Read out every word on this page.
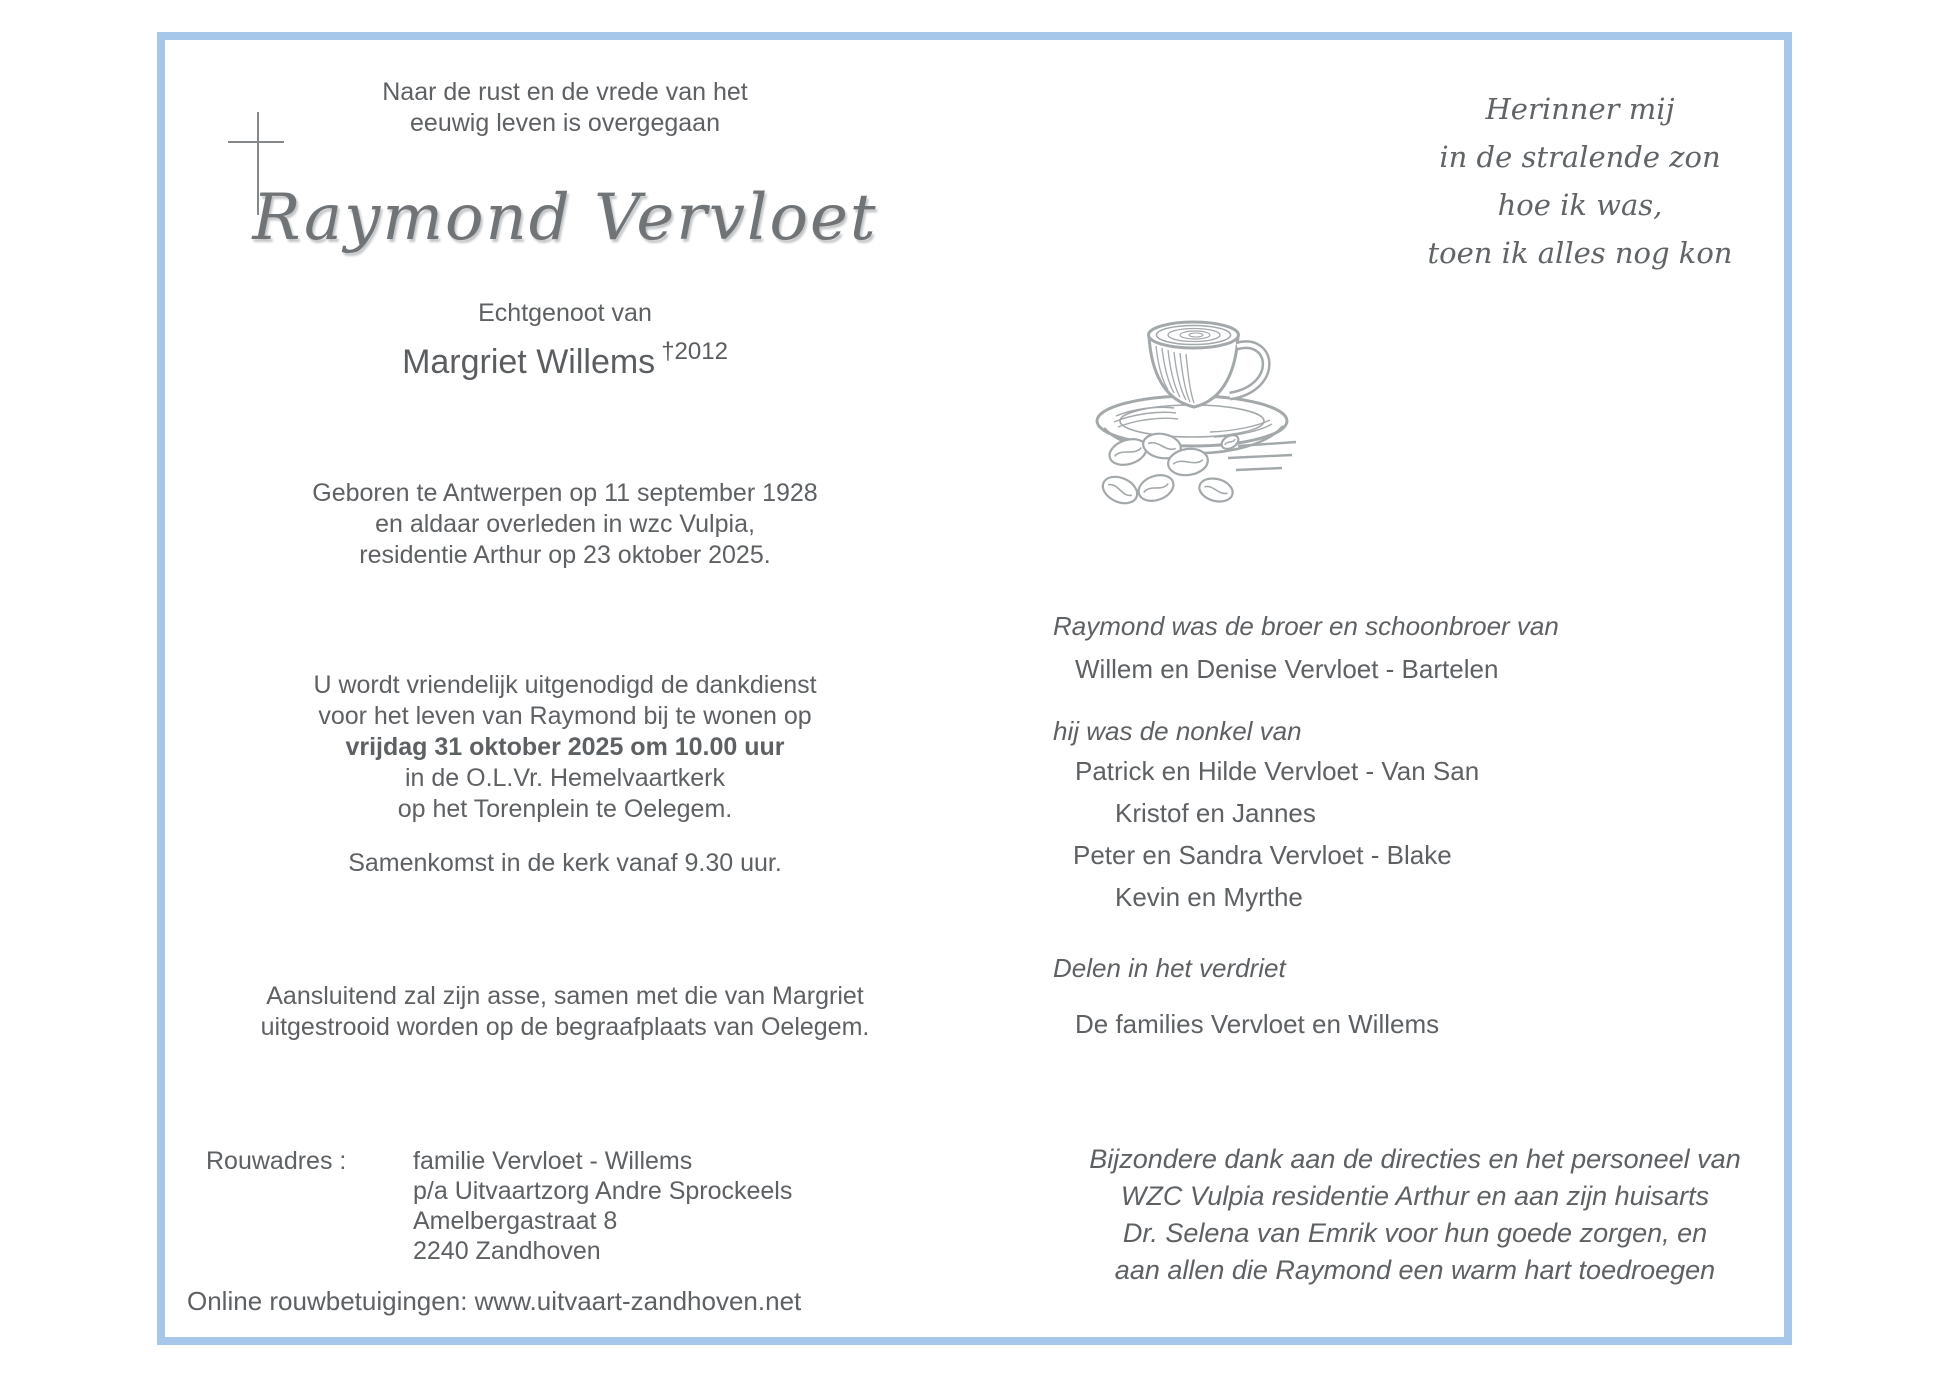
Naar de rust en de vrede van het
eeuwig leven is overgegaan
Raymond Vervloet
Echtgenoot van
Margriet Willems $^{\dagger 2012}$
Geboren te Antwerpen op 11 september 1928
en aldaar overleden in wzc Vulpia,
residentie Arthur op 23 oktober 2025.
U wordt vriendelijk uitgenodigd de dankdienst
voor het leven van Raymond bij te wonen op
vrijdag 31 oktober 2025 om 10.00 uur
in de O.L.Vr. Hemelvaartkerk
op het Torenplein te Oelegem.
Samenkomst in de kerk vanaf 9.30 uur.
Aansluitend zal zijn asse, samen met die van Margriet
uitgestrooid worden op de begraafplaats van Oelegem.
Rouwadres :	familie Vervloet - Willems
p/a Uitvaartzorg Andre Sprockeels
Amelbergastraat 8
2240 Zandhoven
Online rouwbetuigingen: www.uitvaart-zandhoven.net
Herinner mij
in de stralende zon
hoe ik was,
toen ik alles nog kon
Raymond was de broer en schoonbroer van
Willem en Denise Vervloet - Bartelen
hij was de nonkel van
Patrick en Hilde Vervloet - Van San
Kristof en Jannes
Peter en Sandra Vervloet - Blake
Kevin en Myrthe
Delen in het verdriet
De families Vervloet en Willems
Bijzondere dank aan de directies en het personeel van
WZC Vulpia residentie Arthur en aan zijn huisarts
Dr. Selena van Emrik voor hun goede zorgen, en
aan allen die Raymond een warm hart toedroegen
